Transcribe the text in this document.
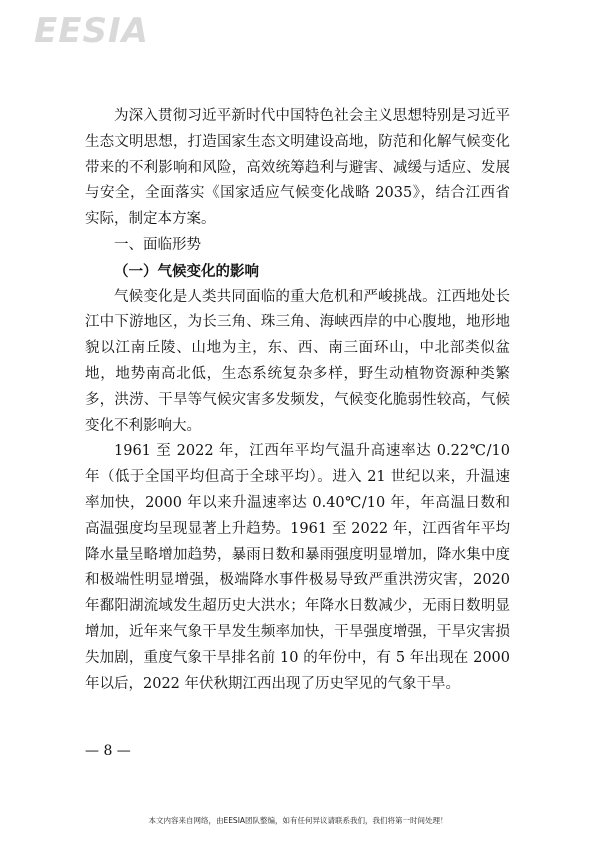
EESIA

为深入贯彻习近平新时代中国特色社会主义思想特别是习近平生态文明思想，打造国家生态文明建设高地，防范和化解气候变化带来的不利影响和风险，高效统筹趋利与避害、减缓与适应、发展与安全，全面落实《国家适应气候变化战略 2035》，结合江西省实际，制定本方案。

一、面临形势

（一）气候变化的影响

气候变化是人类共同面临的重大危机和严峻挑战。江西地处长江中下游地区，为长三角、珠三角、海峡西岸的中心腹地，地形地貌以江南丘陵、山地为主，东、西、南三面环山，中北部类似盆地，地势南高北低，生态系统复杂多样，野生动植物资源种类繁多，洪涝、干旱等气候灾害多发频发，气候变化脆弱性较高，气候变化不利影响大。

1961 至 2022 年，江西年平均气温升高速率达 0.22℃/10 年（低于全国平均但高于全球平均）。进入 21 世纪以来，升温速率加快，2000 年以来升温速率达 0.40℃/10 年，年高温日数和高温强度均呈现显著上升趋势。1961 至 2022 年，江西省年平均降水量呈略增加趋势，暴雨日数和暴雨强度明显增加，降水集中度和极端性明显增强，极端降水事件极易导致严重洪涝灾害，2020 年鄱阳湖流域发生超历史大洪水；年降水日数减少，无雨日数明显增加，近年来气象干旱发生频率加快，干旱强度增强，干旱灾害损失加剧，重度气象干旱排名前 10 的年份中，有 5 年出现在 2000 年以后，2022 年伏秋期江西出现了历史罕见的气象干旱。

— 8 —
本文内容来自网络，由EESIA团队整编，如有任何异议请联系我们，我们将第一时间处理！
